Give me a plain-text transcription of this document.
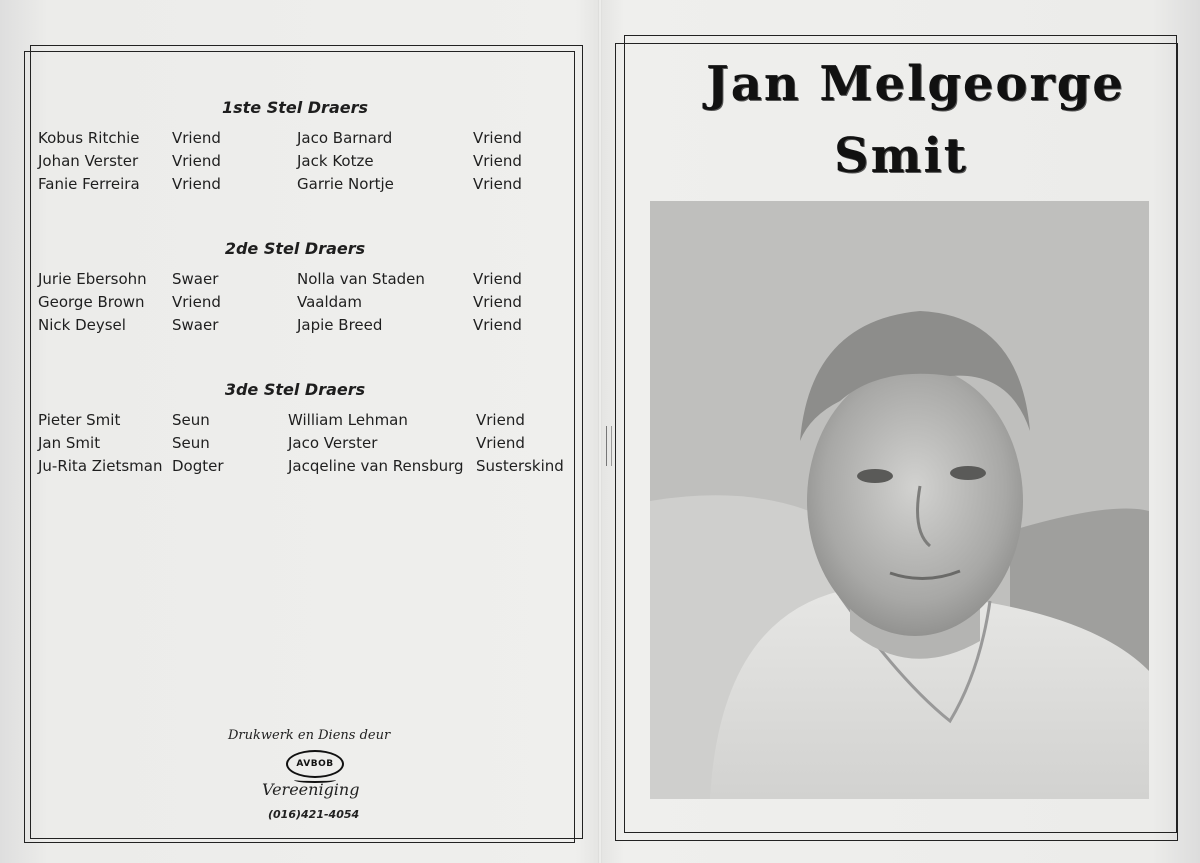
1ste Stel Draers
Kobus Ritchie Vriend	Jaco Barnard	Vriend
Johan Verster Vriend	Jack Kotze	Vriend
Fanie Ferreira Vriend	Garrie Nortje	Vriend
2de Stel Draers
Jurie Ebersohn Swaer	Nolla van Staden	Vriend
George Brown Vriend	Vaaldam	Vriend
Nick Deysel	Swaer	Japie Breed	Vriend
3de Stel Draers
Pieter Smit	Seun	William Lehman	Vriend
Jan Smit	Seun	Jaco Verster	Vriend
Ju-Rita Zietsman Dogter	Jacqeline van Rensburg Susterskind
Drukwerk en Diens deur
AVBOB
Vereeniging
(016)421-4054
Jan Melgeorge
Smit
